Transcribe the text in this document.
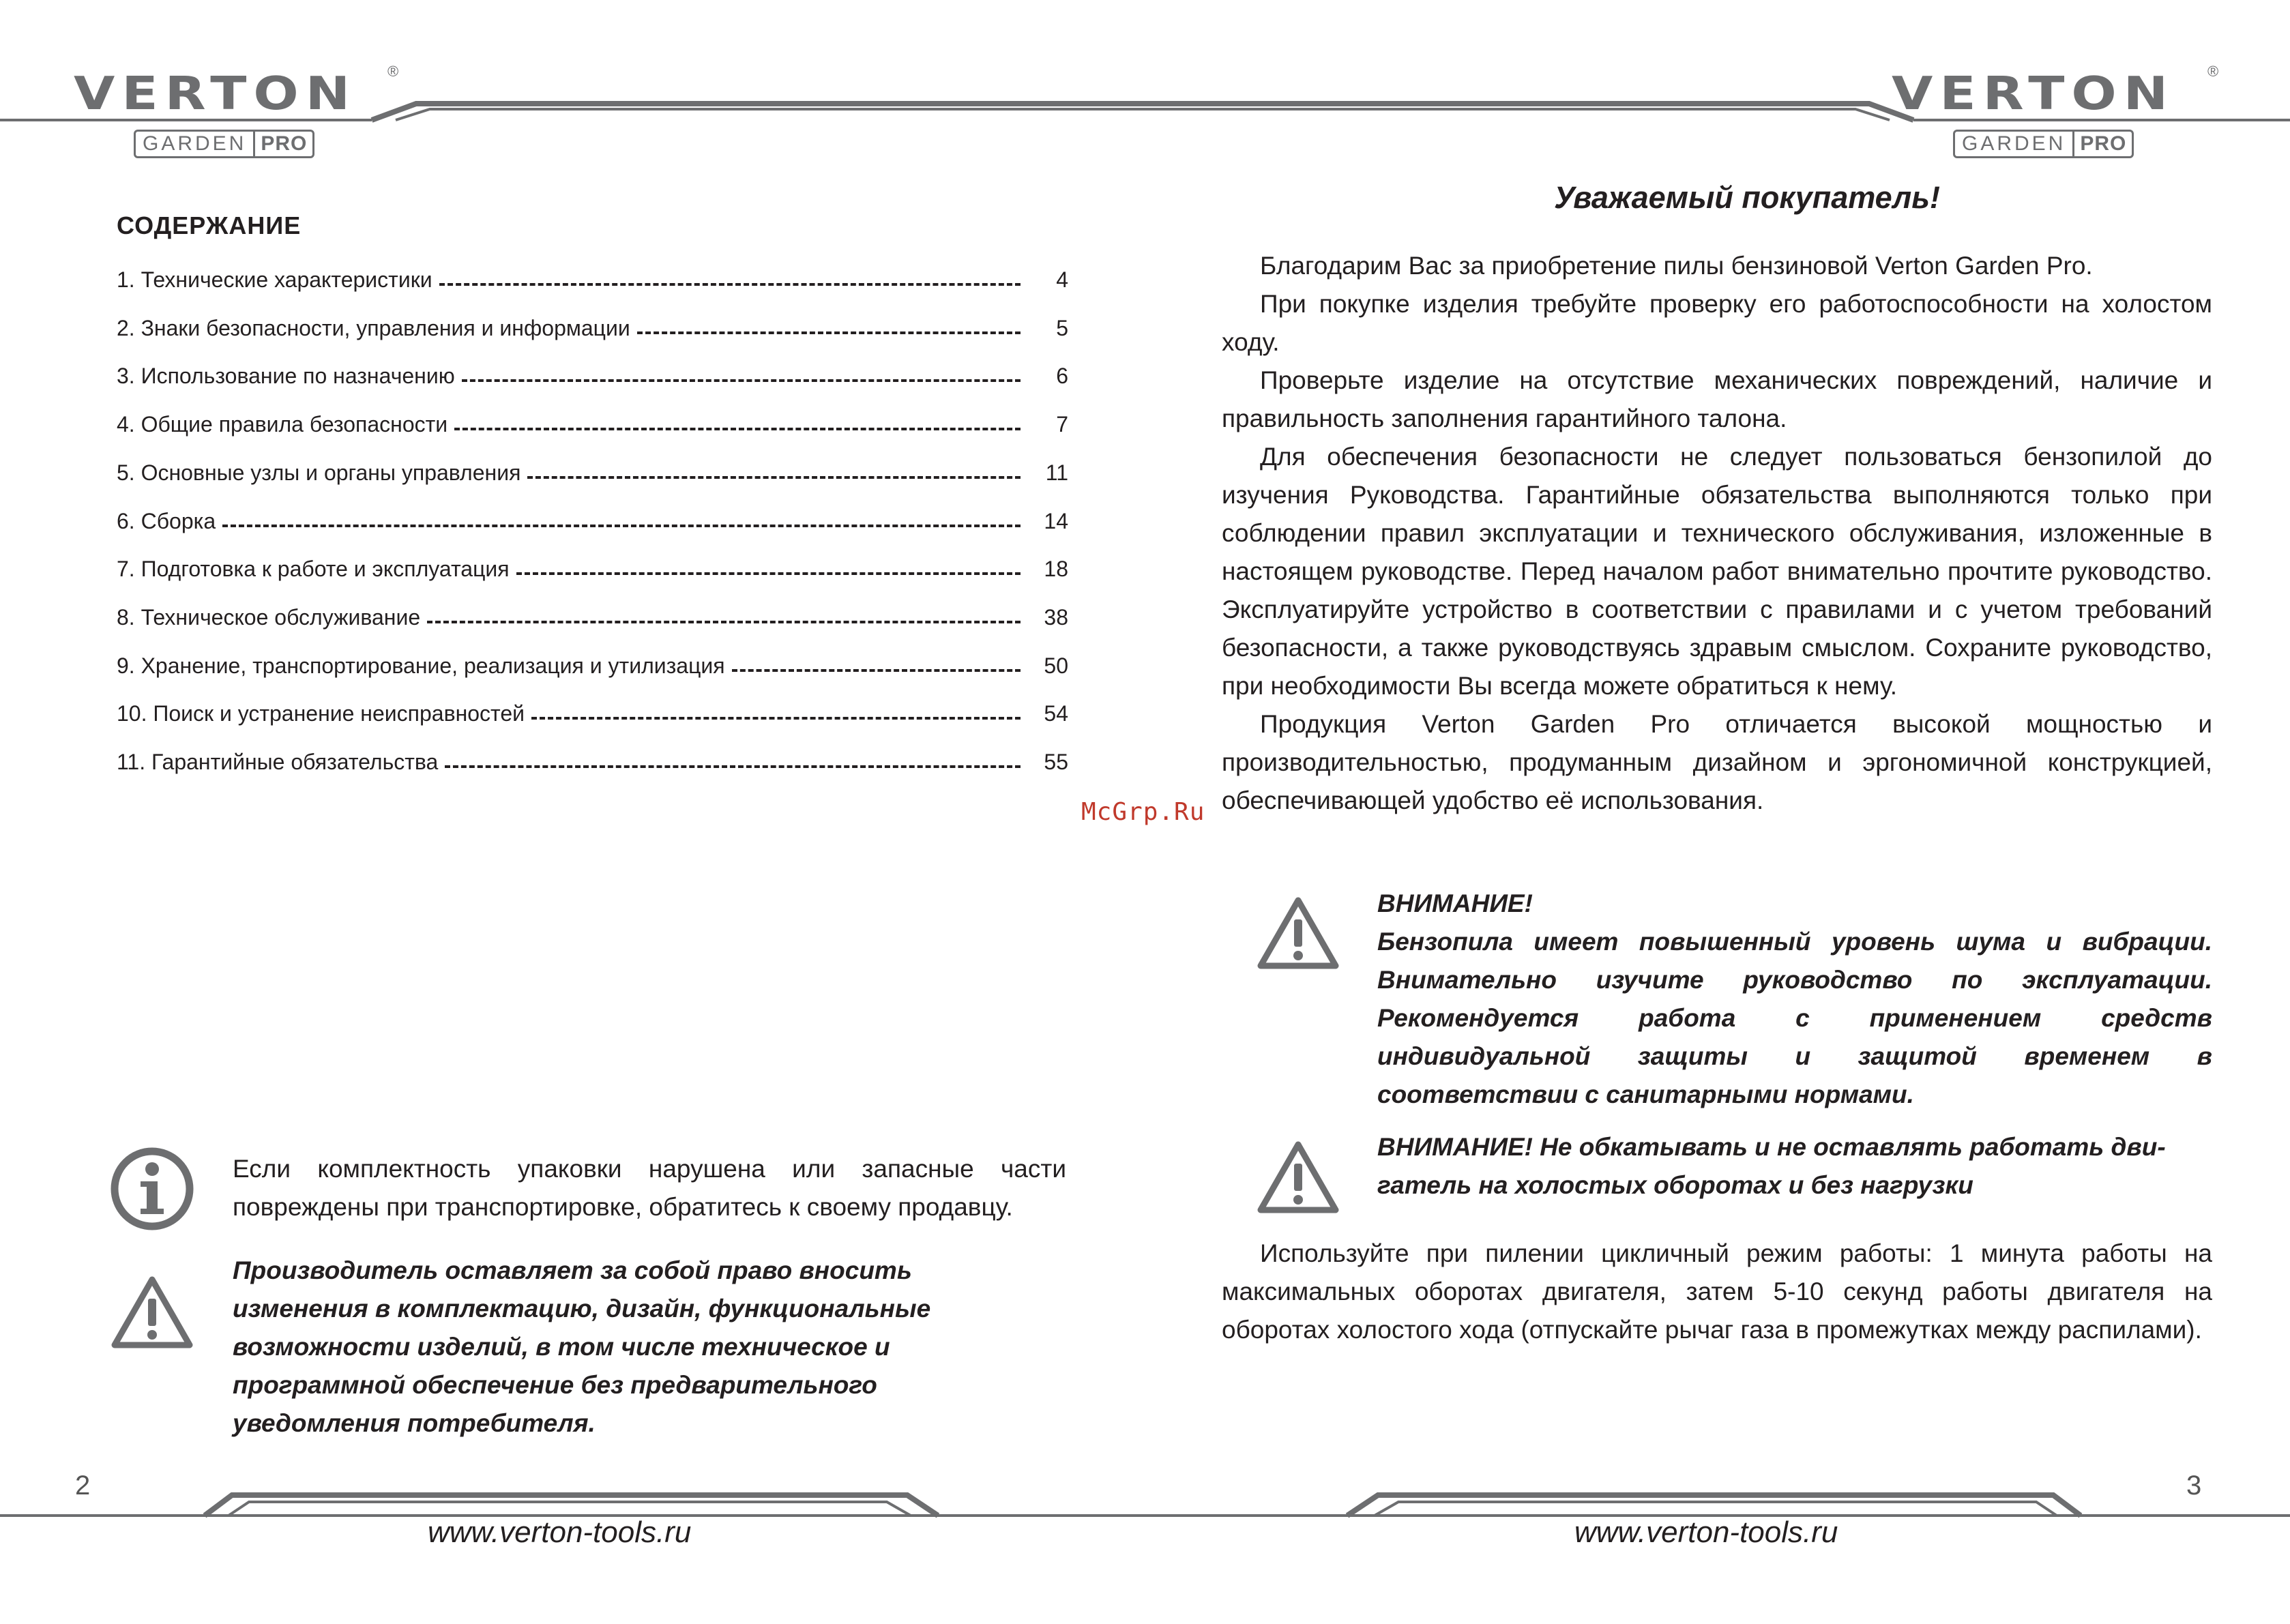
VERTON ®
GARDEN PRO
VERTON ®
GARDEN PRO
СОДЕРЖАНИЕ
1. Технические характеристики	4
2. Знаки безопасности, управления и информации	5
3. Использование по назначению	6
4. Общие правила безопасности	7
5. Основные узлы и органы управления	11
6. Сборка	14
7. Подготовка к работе и эксплуатация	18
8. Техническое обслуживание	38
9. Хранение, транспортирование, реализация и утилизация	50
10. Поиск и устранение неисправностей	54
11. Гарантийные обязательства	55
Если комплектность упаковки нарушена или запасные части повреждены при транспортировке, обратитесь к своему продавцу.
Производитель оставляет за собой право вносить изменения в комплектацию, дизайн, функциональные возможности изделий, в том числе техническое и программной обеспечение без предварительного уведомления потребителя.
Уважаемый покупатель!

Благодарим Вас за приобретение пилы бензиновой Verton Garden Pro.

При покупке изделия требуйте проверку его работоспособности на холостом ходу.

Проверьте изделие на отсутствие механических повреждений, наличие и правильность заполнения гарантийного талона.

Для обеспечения безопасности не следует пользоваться бензопилой до изучения Руководства. Гарантийные обязательства выполняются только при соблюдении правил эксплуатации и технического обслуживания, изложенные в настоящем руководстве. Перед началом работ внимательно прочтите руководство. Эксплуатируйте устройство в соответствии с правилами и с учетом требований безопасности, а также руководствуясь здравым смыслом. Сохраните руководство, при необходимости Вы всегда можете обратиться к нему.

Продукция Verton Garden Pro отличается высокой мощностью и производительностью, продуманным дизайном и эргономичной конструкцией, обеспечивающей удобство её использования.

ВНИМАНИЕ!
Бензопила имеет повышенный уровень шума и вибрации. Внимательно изучите руководство по эксплуатации. Рекомендуется работа с применением средств индивидуальной защиты и защитой временем в соответствии с санитарными нормами.
ВНИМАНИЕ! Не обкатывать и не оставлять работать дви-
гатель на холостых оборотах и без нагрузки

Используйте при пилении цикличный режим работы: 1 минута работы на максимальных оборотах двигателя, затем 5-10 секунд работы двигателя на оборотах холостого хода (отпускайте рычаг газа в промежутках между распилами).

McGrp.Ru
2	3
www.verton-tools.ru	www.verton-tools.ru
